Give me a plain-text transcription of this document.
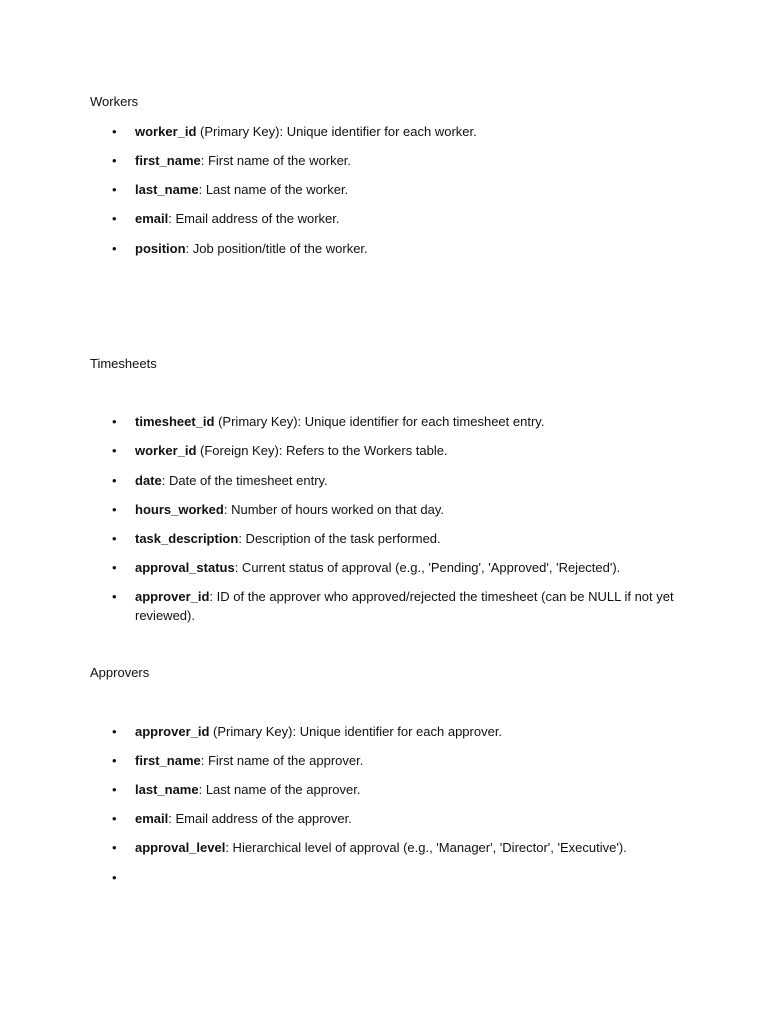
Workers
• worker_id (Primary Key): Unique identifier for each worker.
• first_name: First name of the worker.
• last_name: Last name of the worker.
• email: Email address of the worker.
• position: Job position/title of the worker.
Timesheets
• timesheet_id (Primary Key): Unique identifier for each timesheet entry.
• worker_id (Foreign Key): Refers to the Workers table.
• date: Date of the timesheet entry.
• hours_worked: Number of hours worked on that day.
• task_description: Description of the task performed.
• approval_status: Current status of approval (e.g., 'Pending', 'Approved', 'Rejected').
• approver_id: ID of the approver who approved/rejected the timesheet (can be NULL if not yet reviewed).
Approvers
• approver_id (Primary Key): Unique identifier for each approver.
• first_name: First name of the approver.
• last_name: Last name of the approver.
• email: Email address of the approver.
• approval_level: Hierarchical level of approval (e.g., 'Manager', 'Director', 'Executive').
•
